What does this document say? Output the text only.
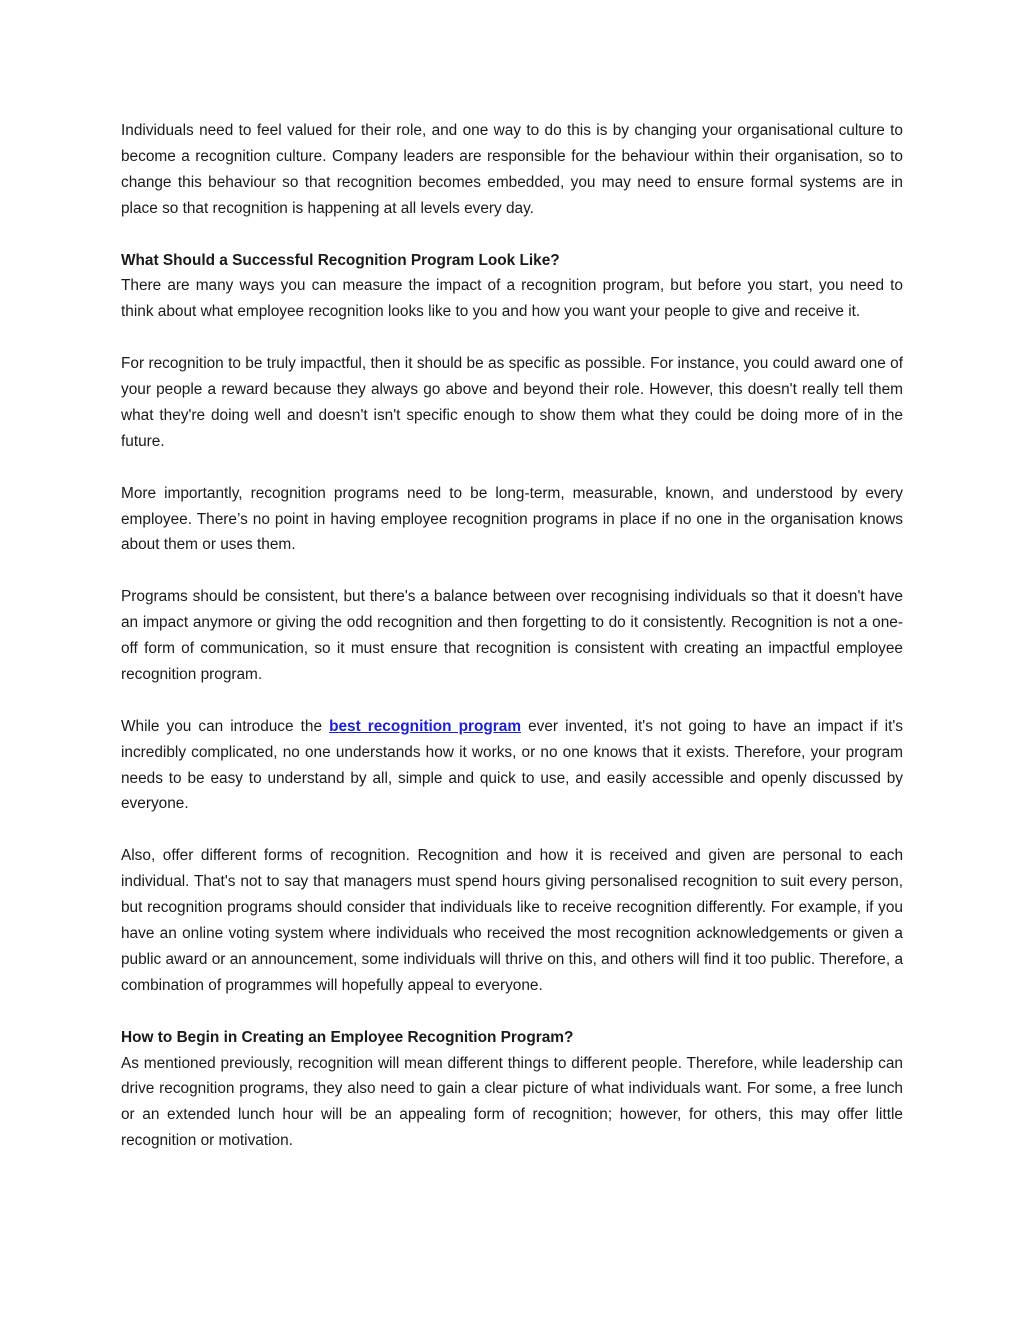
Individuals need to feel valued for their role, and one way to do this is by changing your organisational culture to become a recognition culture. Company leaders are responsible for the behaviour within their organisation, so to change this behaviour so that recognition becomes embedded, you may need to ensure formal systems are in place so that recognition is happening at all levels every day.

What Should a Successful Recognition Program Look Like?

There are many ways you can measure the impact of a recognition program, but before you start, you need to think about what employee recognition looks like to you and how you want your people to give and receive it.

For recognition to be truly impactful, then it should be as specific as possible. For instance, you could award one of your people a reward because they always go above and beyond their role. However, this doesn't really tell them what they're doing well and doesn't isn't specific enough to show them what they could be doing more of in the future.

More importantly, recognition programs need to be long-term, measurable, known, and understood by every employee. There’s no point in having employee recognition programs in place if no one in the organisation knows about them or uses them.

Programs should be consistent, but there's a balance between over recognising individuals so that it doesn't have an impact anymore or giving the odd recognition and then forgetting to do it consistently. Recognition is not a one-off form of communication, so it must ensure that recognition is consistent with creating an impactful employee recognition program.

While you can introduce the best recognition program ever invented, it's not going to have an impact if it's incredibly complicated, no one understands how it works, or no one knows that it exists. Therefore, your program needs to be easy to understand by all, simple and quick to use, and easily accessible and openly discussed by everyone.

Also, offer different forms of recognition. Recognition and how it is received and given are personal to each individual. That's not to say that managers must spend hours giving personalised recognition to suit every person, but recognition programs should consider that individuals like to receive recognition differently. For example, if you have an online voting system where individuals who received the most recognition acknowledgements or given a public award or an announcement, some individuals will thrive on this, and others will find it too public. Therefore, a combination of programmes will hopefully appeal to everyone.

How to Begin in Creating an Employee Recognition Program?

As mentioned previously, recognition will mean different things to different people. Therefore, while leadership can drive recognition programs, they also need to gain a clear picture of what individuals want. For some, a free lunch or an extended lunch hour will be an appealing form of recognition; however, for others, this may offer little recognition or motivation.
